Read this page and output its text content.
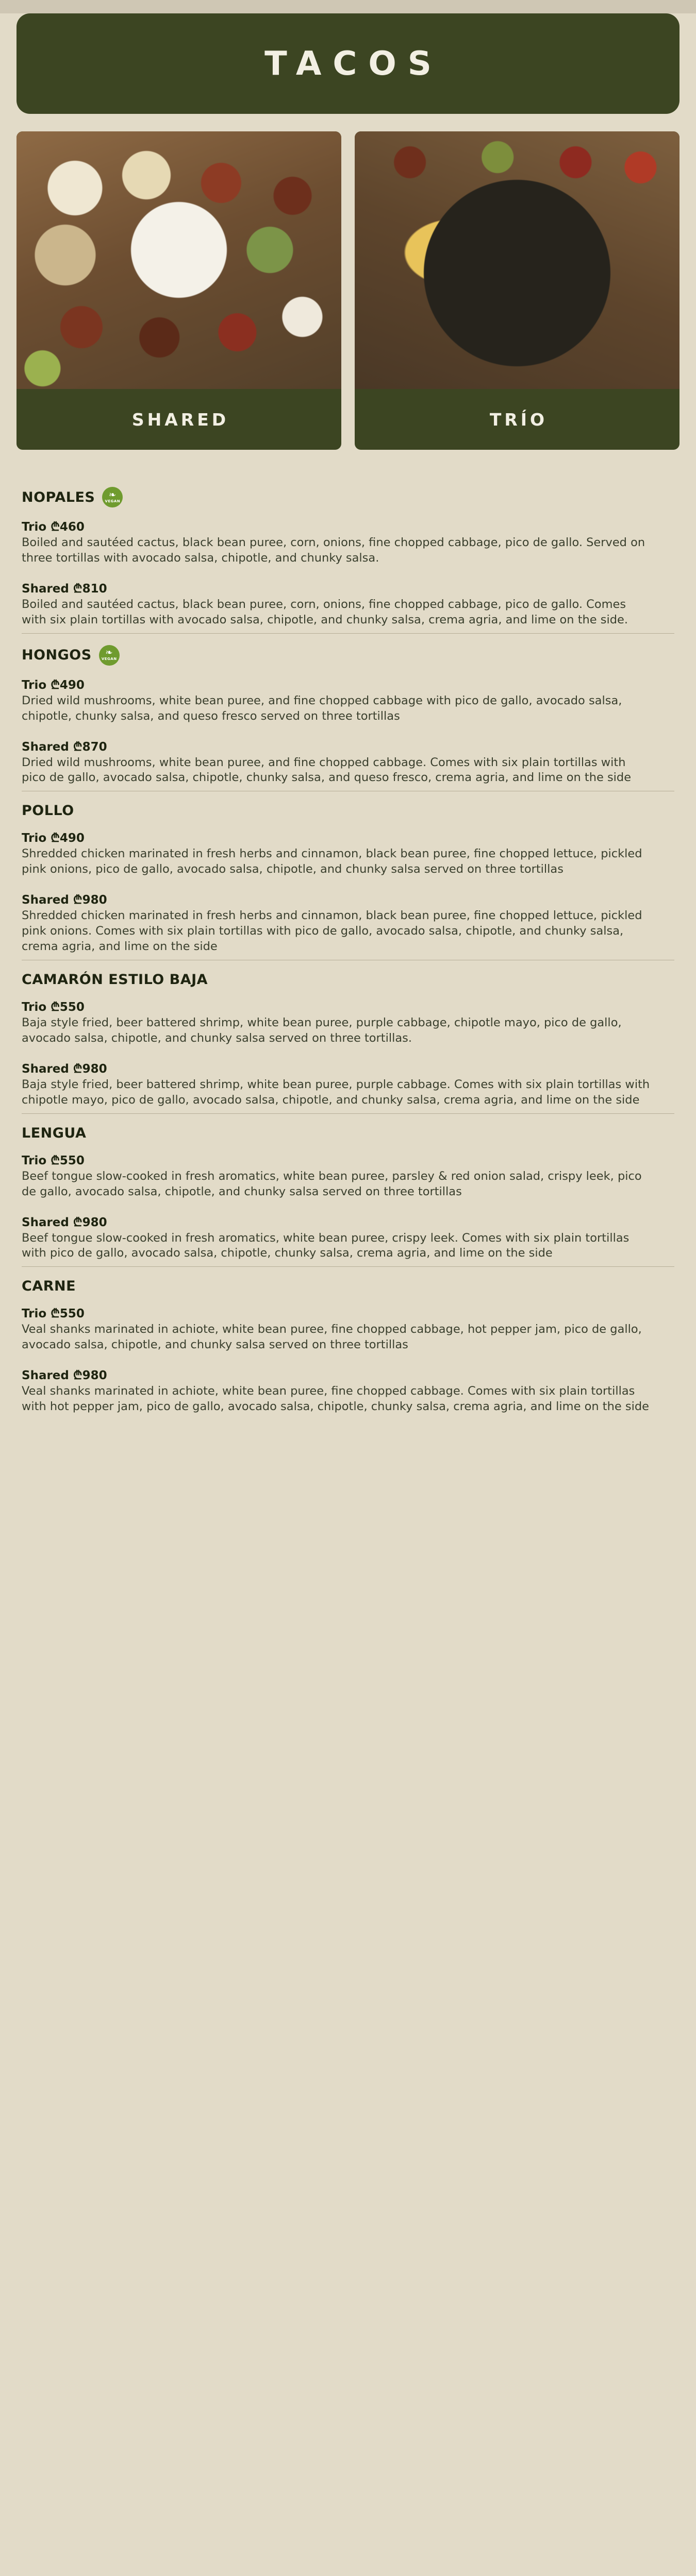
TACOS
SHARED	TRÍO
NOPALES ❧
VEGAN
Trio ₾460
Boiled and sautéed cactus, black bean puree, corn, onions, fine chopped cabbage, pico de gallo. Served on three tortillas with avocado salsa, chipotle, and chunky salsa.
Shared ₾810
Boiled and sautéed cactus, black bean puree, corn, onions, fine chopped cabbage, pico de gallo. Comes with six plain tortillas with avocado salsa, chipotle, and chunky salsa, crema agria, and lime on the side.
HONGOS ❧
VEGAN
Trio ₾490
Dried wild mushrooms, white bean puree, and fine chopped cabbage with pico de gallo, avocado salsa, chipotle, chunky salsa, and queso fresco served on three tortillas
Shared ₾870
Dried wild mushrooms, white bean puree, and fine chopped cabbage. Comes with six plain tortillas with pico de gallo, avocado salsa, chipotle, chunky salsa, and queso fresco, crema agria, and lime on the side
POLLO
Trio ₾490
Shredded chicken marinated in fresh herbs and cinnamon, black bean puree, fine chopped lettuce, pickled pink onions, pico de gallo, avocado salsa, chipotle, and chunky salsa served on three tortillas
Shared ₾980
Shredded chicken marinated in fresh herbs and cinnamon, black bean puree, fine chopped lettuce, pickled pink onions. Comes with six plain tortillas with pico de gallo, avocado salsa, chipotle, and chunky salsa, crema agria, and lime on the side
CAMARÓN ESTILO BAJA
Trio ₾550
Baja style fried, beer battered shrimp, white bean puree, purple cabbage, chipotle mayo, pico de gallo, avocado salsa, chipotle, and chunky salsa served on three tortillas.
Shared ₾980
Baja style fried, beer battered shrimp, white bean puree, purple cabbage. Comes with six plain tortillas with chipotle mayo, pico de gallo, avocado salsa, chipotle, and chunky salsa, crema agria, and lime on the side
LENGUA
Trio ₾550
Beef tongue slow-cooked in fresh aromatics, white bean puree, parsley & red onion salad, crispy leek, pico de gallo, avocado salsa, chipotle, and chunky salsa served on three tortillas
Shared ₾980
Beef tongue slow-cooked in fresh aromatics, white bean puree, crispy leek. Comes with six plain tortillas with pico de gallo, avocado salsa, chipotle, chunky salsa, crema agria, and lime on the side
CARNE
Trio ₾550
Veal shanks marinated in achiote, white bean puree, fine chopped cabbage, hot pepper jam, pico de gallo, avocado salsa, chipotle, and chunky salsa served on three tortillas
Shared ₾980
Veal shanks marinated in achiote, white bean puree, fine chopped cabbage. Comes with six plain tortillas with hot pepper jam, pico de gallo, avocado salsa, chipotle, chunky salsa, crema agria, and lime on the side
